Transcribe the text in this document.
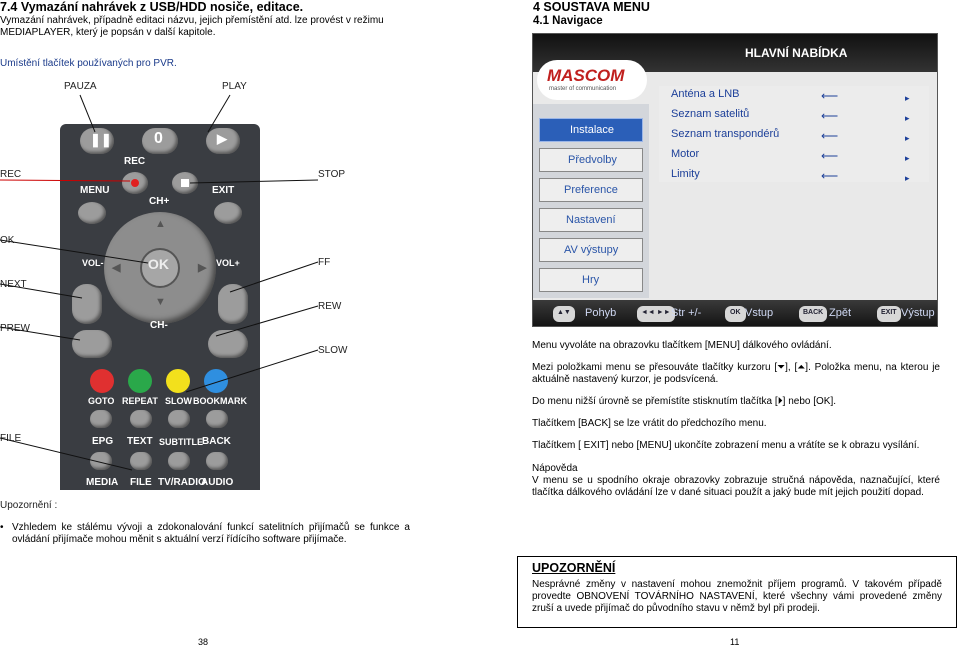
7.4 Vymazání nahrávek z USB/HDD nosiče, editace.
Vymazání nahrávek, případně editaci názvu, jejich přemístění atd. lze provést v režimu MEDIAPLAYER, který je popsán v další kapitole.
Umístění tlačítek používaných pro PVR.
PAUZA	PLAY
REC	STOP
OK
FF
NEXT
REW
PREW
SLOW
FILE
❚❚	0	▶
REC
MENU	EXIT
CH+
OK
▲
▼
◀	▶
VOL-	VOL+
CH-
GOTO REPEAT SLOW BOOKMARK
EPG TEXT SUBTITLE BACK
MEDIA FILE TV/RADIO
AUDIO
Upozornění :
• Vzhledem ke stálému vývoji a zdokonalování funkcí satelitních přijímačů se funkce a ovládání přijímače mohou měnit s aktuální verzí řídícího software přijímače.
38
4 SOUSTAVA MENU
4.1 Navigace
HLAVNÍ NABÍDKA
MASCOM
master of communication
Instalace
Předvolby
Preference
Nastavení
AV výstupy
Hry
Anténa a LNB
Seznam satelitů
Seznam transpondérů
Motor
Limity
⟵
⟵
⟵
⟵
⟵
▸
▸
▸
▸
▸
▲▼	Pohyb	◄◄ ►► Str +/-	OK Vstup	BACK Zpět	EXIT Výstup
Menu vyvoláte na obrazovku tlačítkem [MENU] dálkového ovládání.
Mezi položkami menu se přesouváte tlačítky kurzoru [⏷], [⏶]. Položka menu, na kterou je aktuálně nastavený kurzor, je podsvícená.
Do menu nižší úrovně se přemístíte stisknutím tlačítka [⏵] nebo [OK].
Tlačítkem [BACK] se lze vrátit do předchozího menu.
Tlačítkem [ EXIT] nebo [MENU] ukončíte zobrazení menu a vrátíte se k obrazu vysílání.
Nápověda
V menu se u spodního okraje obrazovky zobrazuje stručná nápověda, naznačující, které tlačítka dálkového ovládání lze v dané situaci použít a jaký bude mít jejich použití dopad.
UPOZORNĚNÍ

Nesprávné změny v nastavení mohou znemožnit příjem programů. V takovém případě provedte OBNOVENÍ TOVÁRNÍHO NASTAVENÍ, které všechny vámi provedené změny zruší a uvede přijímač do původního stavu v němž byl při prodeji.

11
